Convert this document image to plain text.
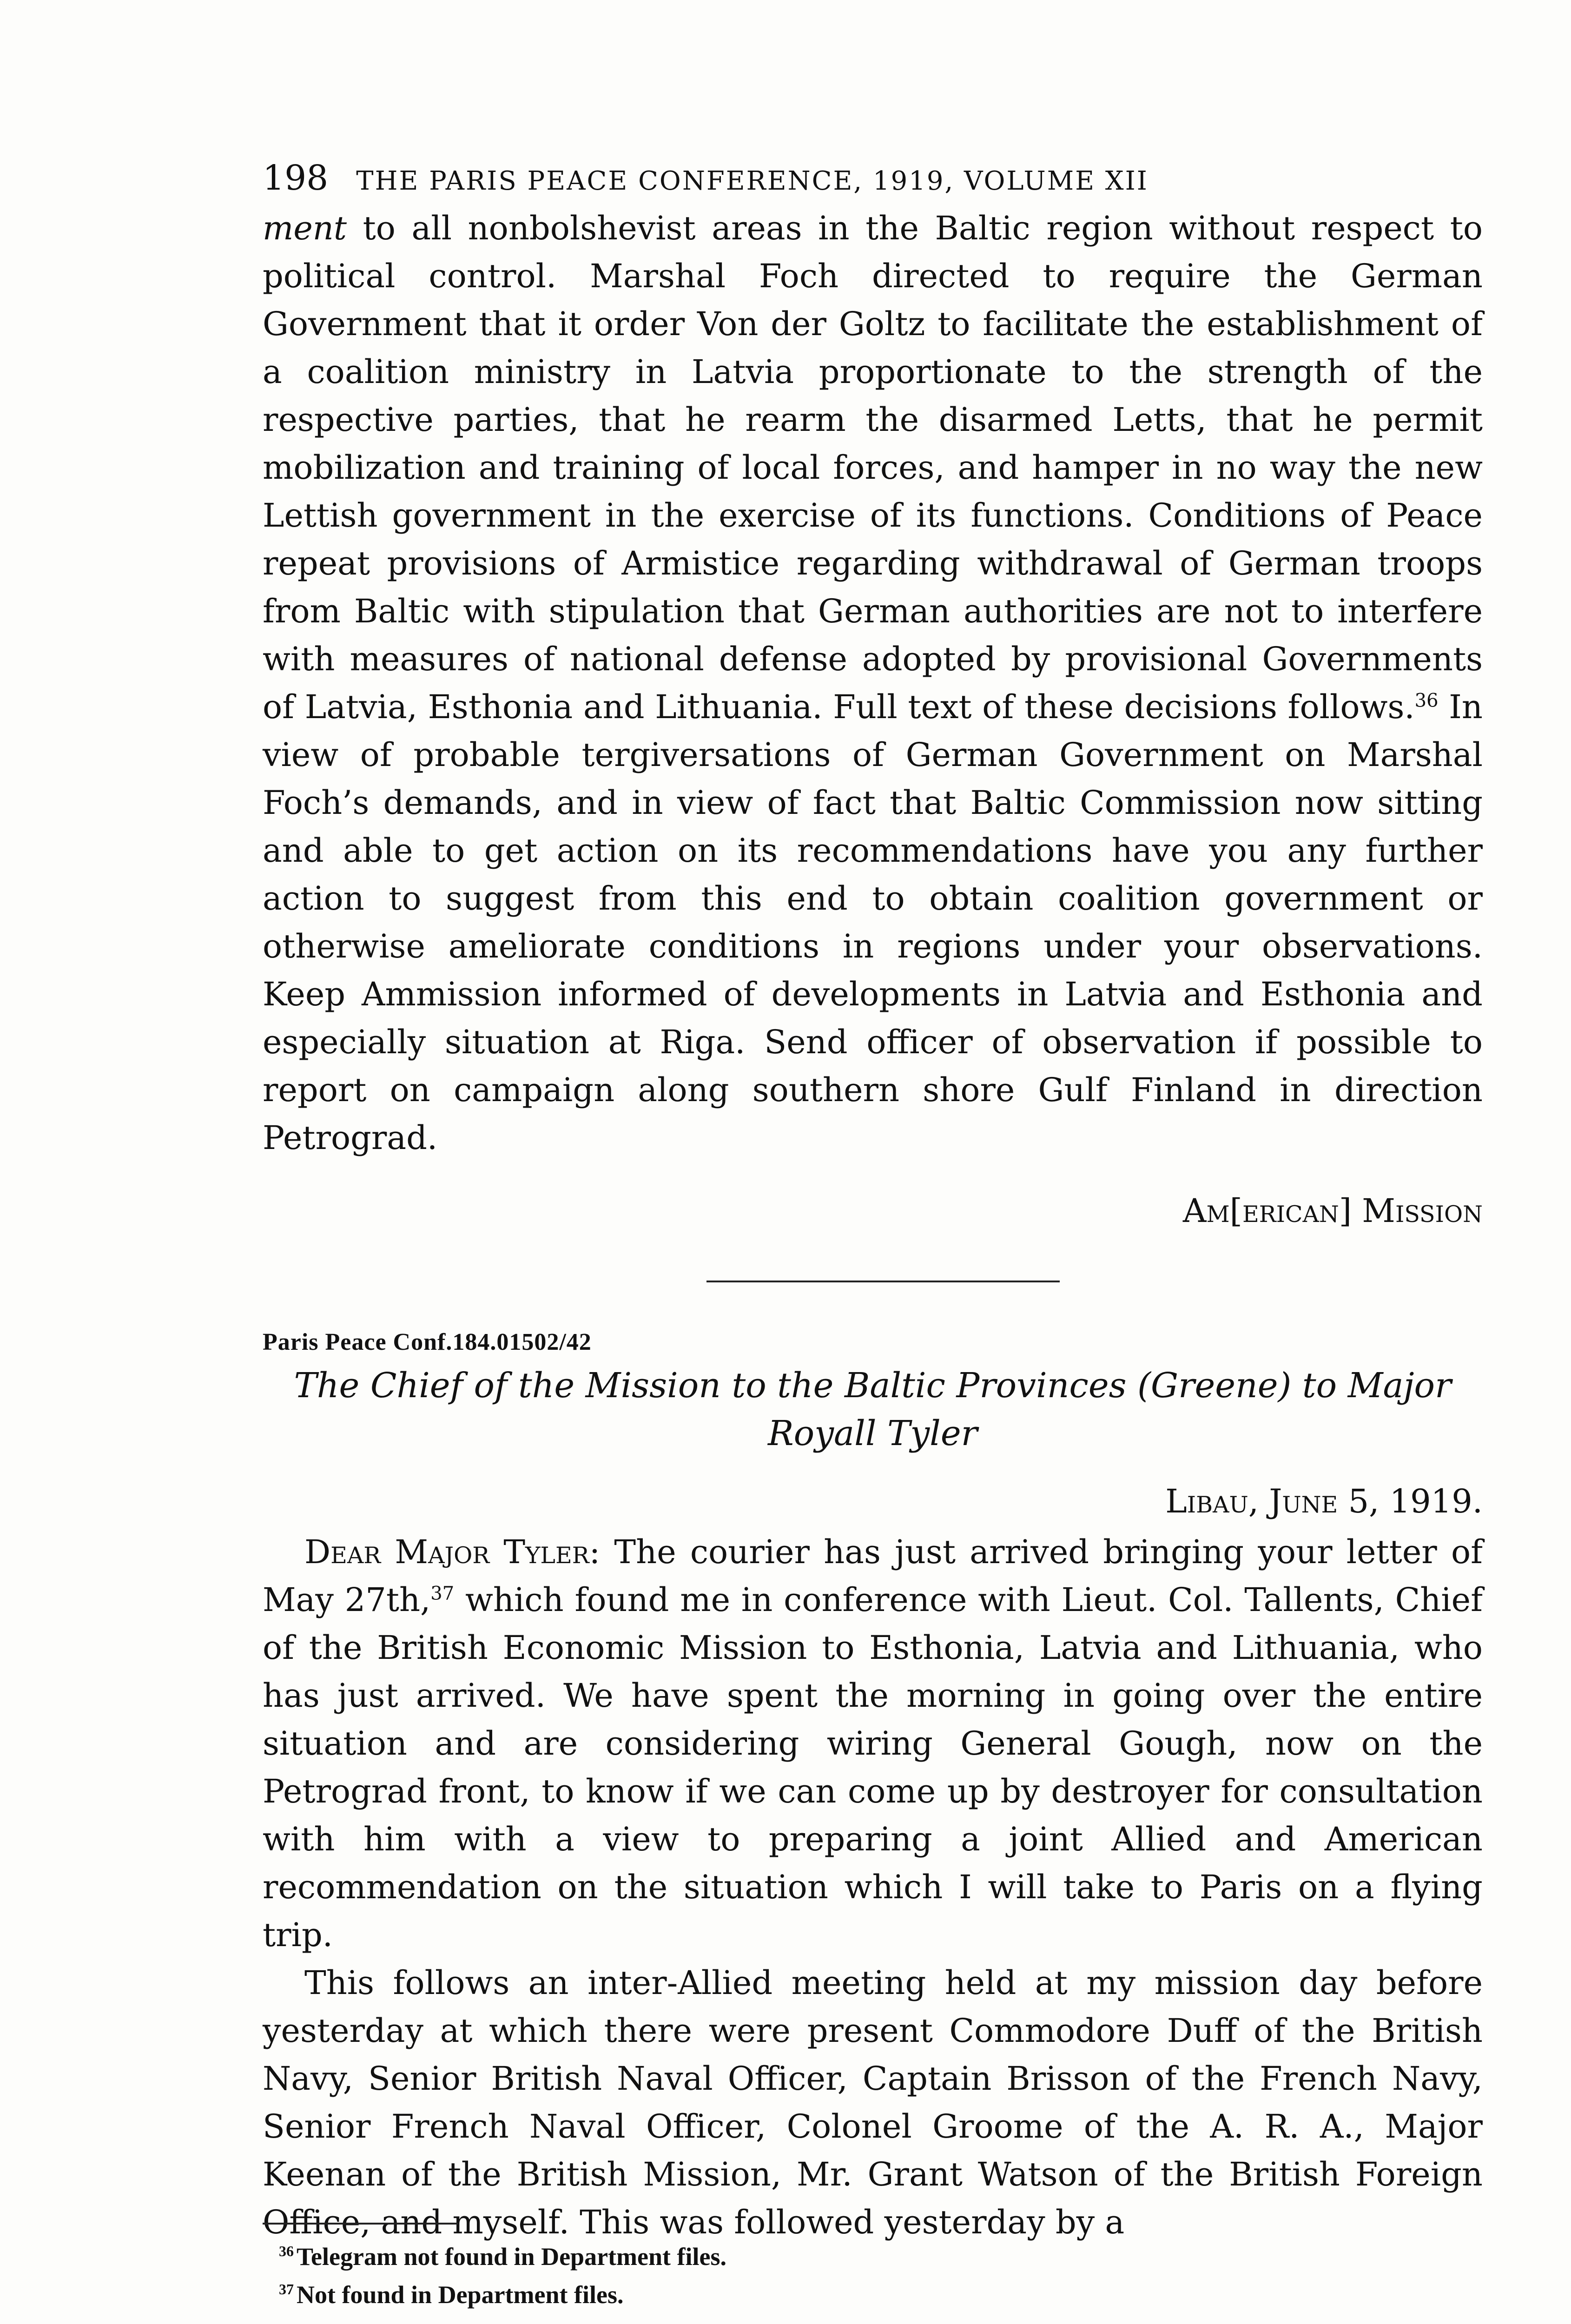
198 THE PARIS PEACE CONFERENCE, 1919, VOLUME XII

ment to all nonbolshevist areas in the Baltic region without respect to political control. Marshal Foch directed to require the German Government that it order Von der Goltz to facilitate the establishment of a coalition ministry in Latvia proportionate to the strength of the respective parties, that he rearm the disarmed Letts, that he permit mobilization and training of local forces, and hamper in no way the new Lettish government in the exercise of its functions. Conditions of Peace repeat provisions of Armistice regarding withdrawal of German troops from Baltic with stipulation that German authorities are not to interfere with measures of national defense adopted by provisional Governments of Latvia, Esthonia and Lithuania. Full text of these decisions follows.$^{36}$ In view of probable tergiversations of German Government on Marshal Foch’s demands, and in view of fact that Baltic Commission now sitting and able to get action on its recommendations have you any further action to suggest from this end to obtain coalition government or otherwise ameliorate conditions in regions under your observations. Keep Ammission informed of developments in Latvia and Esthonia and especially situation at Riga. Send officer of observation if possible to report on campaign along southern shore Gulf Finland in direction Petrograd.

Am[erican] Mission
Paris Peace Conf.184.01502/42
The Chief of the Mission to the Baltic Provinces (Greene) to Major Royall Tyler
Libau, June 5, 1919.

Dear Major Tyler: The courier has just arrived bringing your letter of May 27th,$^{37}$ which found me in conference with Lieut. Col. Tallents, Chief of the British Economic Mission to Esthonia, Latvia and Lithuania, who has just arrived. We have spent the morning in going over the entire situation and are considering wiring General Gough, now on the Petrograd front, to know if we can come up by destroyer for consultation with him with a view to preparing a joint Allied and American recommendation on the situation which I will take to Paris on a flying trip.

This follows an inter-Allied meeting held at my mission day before yesterday at which there were present Commodore Duff of the British Navy, Senior British Naval Officer, Captain Brisson of the French Navy, Senior French Naval Officer, Colonel Groome of the A. R. A., Major Keenan of the British Mission, Mr. Grant Watson of the British Foreign Office, and myself. This was followed yesterday by a

$^{36}$ Telegram not found in Department files.
$^{37}$ Not found in Department files.
